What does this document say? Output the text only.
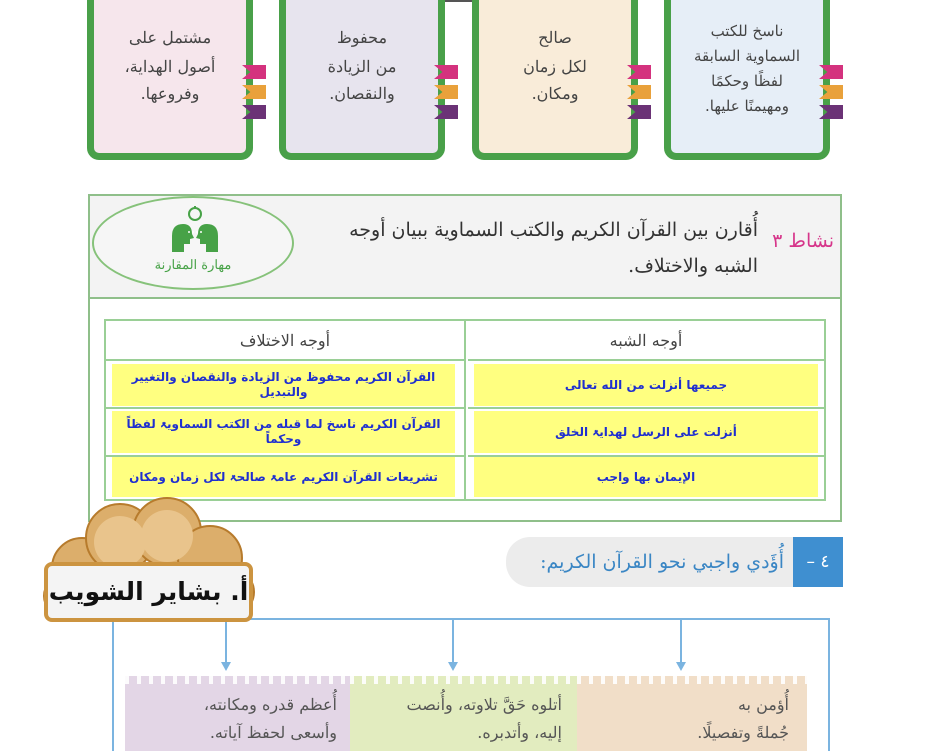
مشتمل على
أصول الهداية،
وفروعها.
محفوظ
من الزيادة
والنقصان.
صالح
لكل زمان
ومكان.
ناسخ للكتب
السماوية السابقة
لفظًا وحكمًا
ومهيمنًا عليها.
نشاط ٣
أُقارن بين القرآن الكريم والكتب السماوية ببيان أوجه الشبه والاختلاف.
مهارة المقارنة
أوجه الاختلاف	أوجه الشبه
القرآن الكريم محفوظ من الزيادة والنقصان والتغيير والتبديل
القرآن الكريم ناسخ لما قبله من الكتب السماويۃ لفظاً وحكماً
تشريعات القرآن الكريم عامۃ صالحۃ لكل زمان ومكان
جميعها أنزلت من الله تعالى
أنزلت على الرسل لهدايۃ الخلق
الإيمان بها واجب
أُؤَدي واجبي نحو القرآن الكريم:	٤ –
أ. بشاير الشويب
أُعظم قدره ومكانته،
وأسعى لحفظ آياته.
أتلوه حَقَّ تلاوته، وأُنصت
إليه، وأتدبره.
أُؤمن به
جُملةً وتفصيلًا.
